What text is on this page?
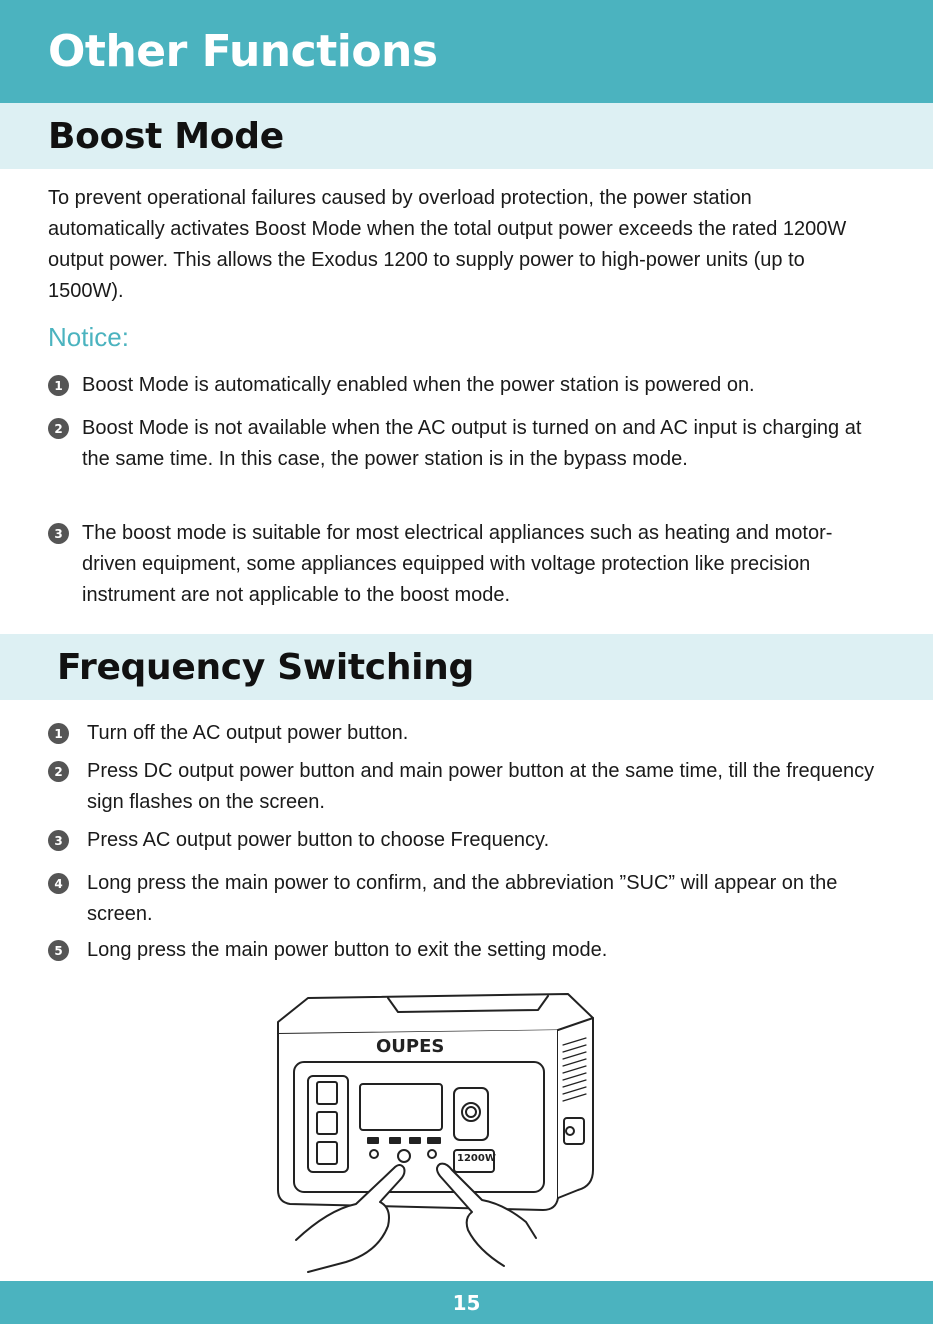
Other Functions
Boost Mode

To prevent operational failures caused by overload protection, the power station automatically activates Boost Mode when the total output power exceeds the rated 1200W output power. This allows the Exodus 1200 to supply power to high-power units (up to 1500W).

Notice:

1 Boost Mode is automatically enabled when the power station is powered on.

2 Boost Mode is not available when the AC output is turned on and AC input is charging at the same time. In this case, the power station is in the bypass mode.

3 The boost mode is suitable for most electrical appliances such as heating and motor-driven equipment, some appliances equipped with voltage protection like precision instrument are not applicable to the boost mode.

Frequency Switching
1	Turn off the AC output power button.

2	Press DC output power button and main power button at the same time, till the frequency sign flashes on the screen.

3	Press AC output power button to choose Frequency.

4	Long press the main power to confirm, and the abbreviation ”SUC” will appear on the screen.

5	Long press the main power button to exit the setting mode.

OUPES
1200W
15
